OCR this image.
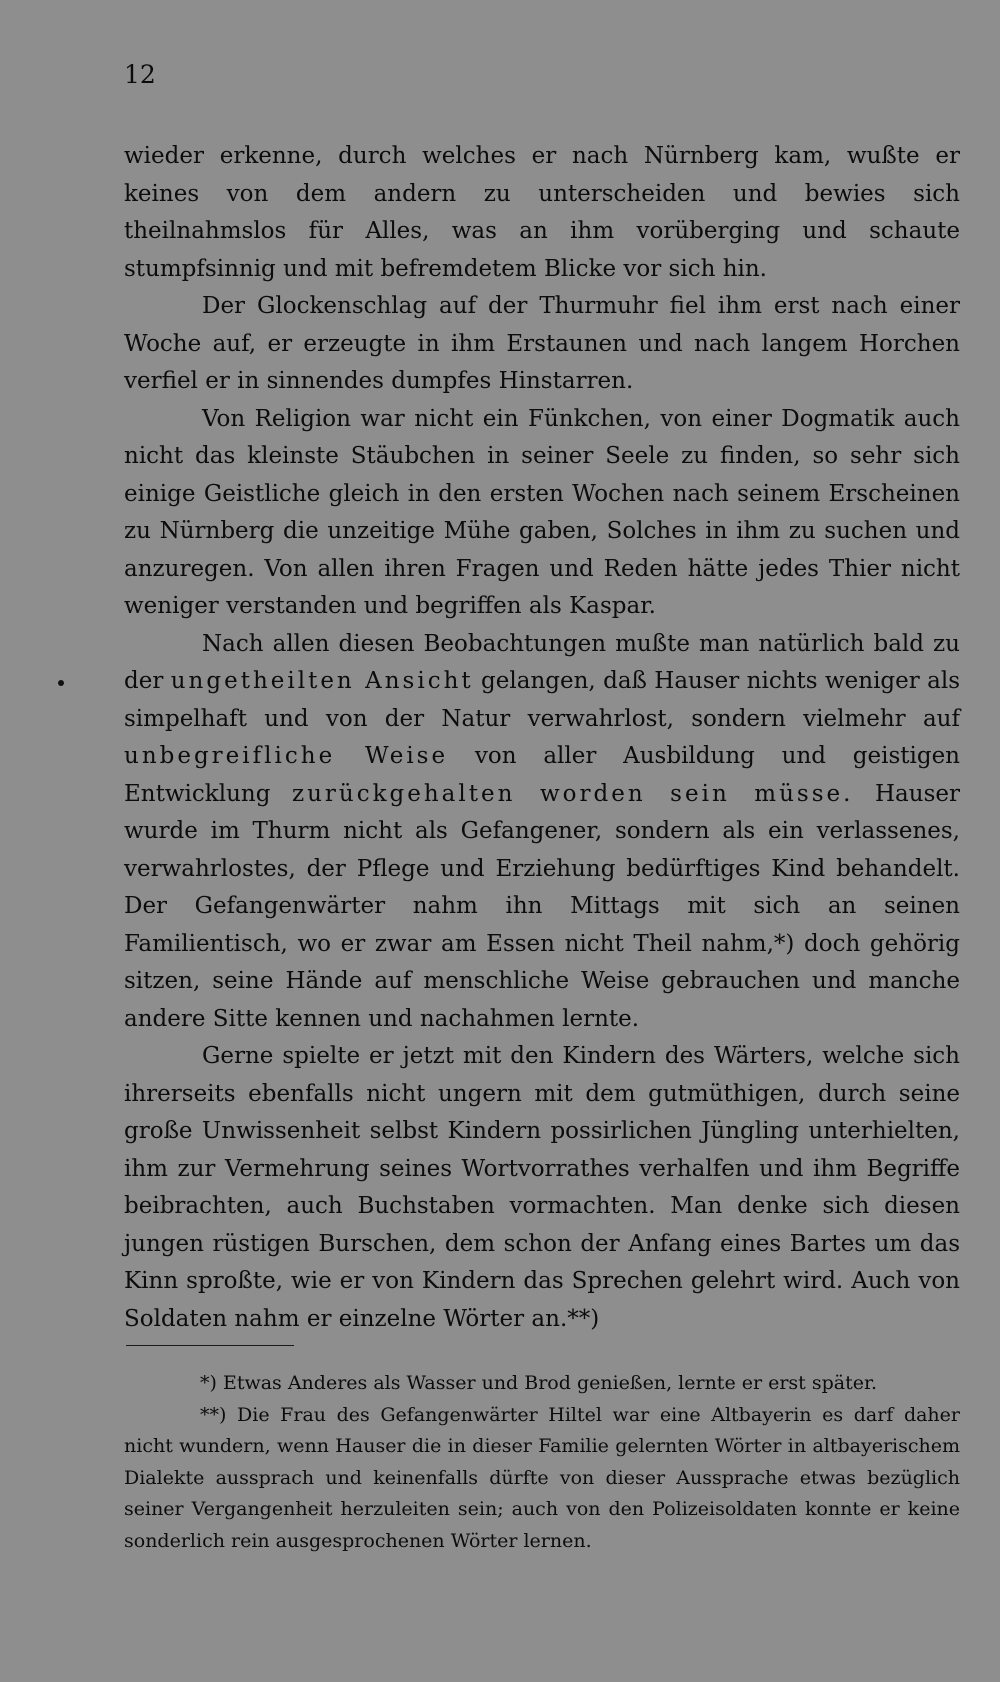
12

wieder erkenne, durch welches er nach Nürnberg kam, wußte er keines von dem andern zu unterscheiden und bewies sich theilnahmslos für Alles, was an ihm vorüberging und schaute stumpfsinnig und mit befremdetem Blicke vor sich hin.

Der Glockenschlag auf der Thurmuhr fiel ihm erst nach einer Woche auf, er erzeugte in ihm Erstaunen und nach langem Horchen verfiel er in sinnendes dumpfes Hinstarren.

Von Religion war nicht ein Fünkchen, von einer Dogmatik auch nicht das kleinste Stäubchen in seiner Seele zu finden, so sehr sich einige Geistliche gleich in den ersten Wochen nach seinem Erscheinen zu Nürnberg die unzeitige Mühe gaben, Solches in ihm zu suchen und anzuregen. Von allen ihren Fragen und Reden hätte jedes Thier nicht weniger verstanden und begriffen als Kaspar.

Nach allen diesen Beobachtungen mußte man natürlich bald zu der ungetheilten Ansicht gelangen, daß Hauser nichts weniger als simpelhaft und von der Natur verwahrlost, sondern vielmehr auf unbegreifliche Weise von aller Ausbildung und geistigen Entwicklung zurückgehalten worden sein müsse. Hauser wurde im Thurm nicht als Gefangener, sondern als ein verlassenes, verwahrlostes, der Pflege und Erziehung bedürftiges Kind behandelt. Der Gefangenwärter nahm ihn Mittags mit sich an seinen Familientisch, wo er zwar am Essen nicht Theil nahm,*) doch gehörig sitzen, seine Hände auf menschliche Weise gebrauchen und manche andere Sitte kennen und nachahmen lernte.

Gerne spielte er jetzt mit den Kindern des Wärters, welche sich ihrerseits ebenfalls nicht ungern mit dem gutmüthigen, durch seine große Unwissenheit selbst Kindern possirlichen Jüngling unterhielten, ihm zur Vermehrung seines Wortvorrathes verhalfen und ihm Begriffe beibrachten, auch Buchstaben vormachten. Man denke sich diesen jungen rüstigen Burschen, dem schon der Anfang eines Bartes um das Kinn sproßte, wie er von Kindern das Sprechen gelehrt wird. Auch von Soldaten nahm er einzelne Wörter an.**)

*) Etwas Anderes als Wasser und Brod genießen, lernte er erst später.

**) Die Frau des Gefangenwärter Hiltel war eine Altbayerin es darf daher nicht wundern, wenn Hauser die in dieser Familie gelernten Wörter in altbayerischem Dialekte aussprach und keinenfalls dürfte von dieser Aussprache etwas bezüglich seiner Vergangenheit herzuleiten sein; auch von den Polizeisoldaten konnte er keine sonderlich rein ausgesprochenen Wörter lernen.
